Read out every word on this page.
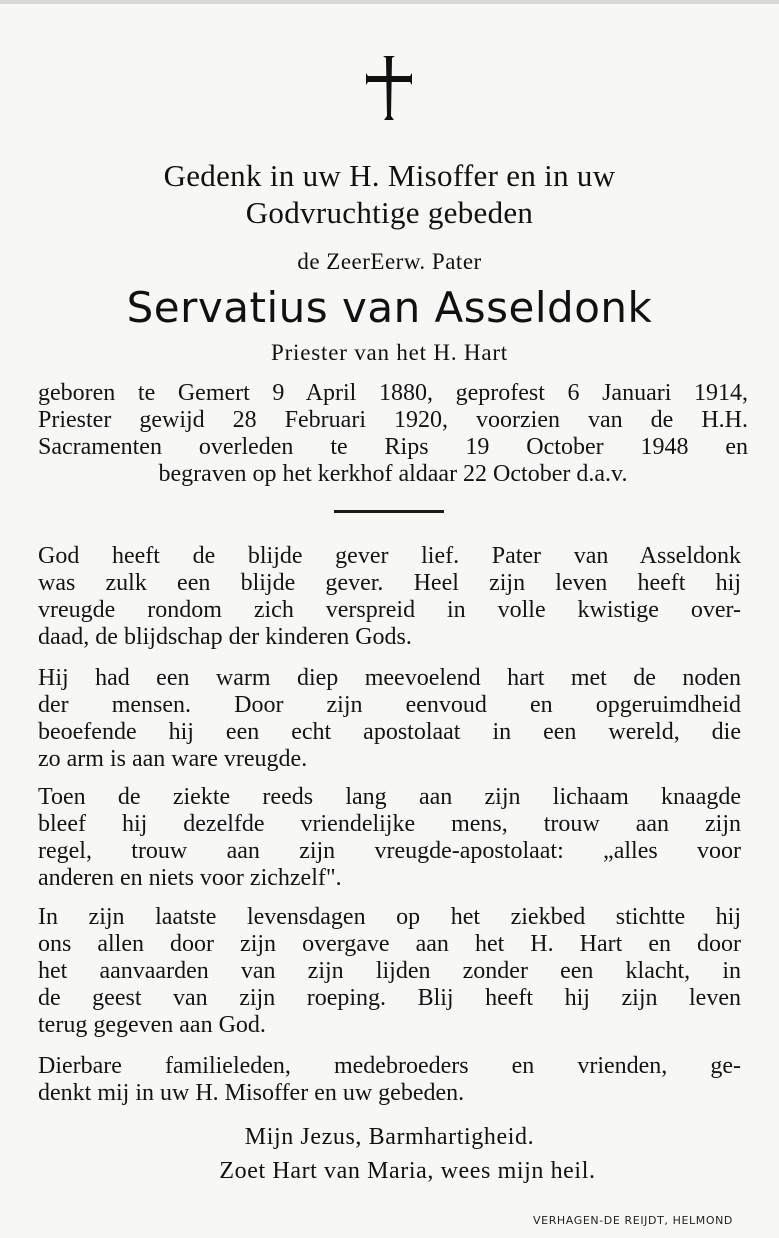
Gedenk in uw H. Misoffer en in uw
Godvruchtige gebeden
de ZeerEerw. Pater
Servatius van Asseldonk
Priester van het H. Hart
geboren te Gemert 9 April 1880, geprofest 6 Januari 1914,
Priester gewijd 28 Februari 1920, voorzien van de H.H.
Sacramenten overleden te Rips 19 October 1948 en
begraven op het kerkhof aldaar 22 October d.a.v.
God heeft de blijde gever lief. Pater van Asseldonk
was zulk een blijde gever. Heel zijn leven heeft hij
vreugde rondom zich verspreid in volle kwistige over-
daad, de blijdschap der kinderen Gods.
Hij had een warm diep meevoelend hart met de noden
der mensen. Door zijn eenvoud en opgeruimdheid
beoefende hij een echt apostolaat in een wereld, die
zo arm is aan ware vreugde.
Toen de ziekte reeds lang aan zijn lichaam knaagde
bleef hij dezelfde vriendelijke mens, trouw aan zijn
regel, trouw aan zijn vreugde-apostolaat: „alles voor
anderen en niets voor zichzelf".
In zijn laatste levensdagen op het ziekbed stichtte hij
ons allen door zijn overgave aan het H. Hart en door
het aanvaarden van zijn lijden zonder een klacht, in
de geest van zijn roeping. Blij heeft hij zijn leven
terug gegeven aan God.
Dierbare familieleden, medebroeders en vrienden, ge-
denkt mij in uw H. Misoffer en uw gebeden.
Mijn Jezus, Barmhartigheid.
Zoet Hart van Maria, wees mijn heil.
VERHAGEN-DE REIJDT, HELMOND
